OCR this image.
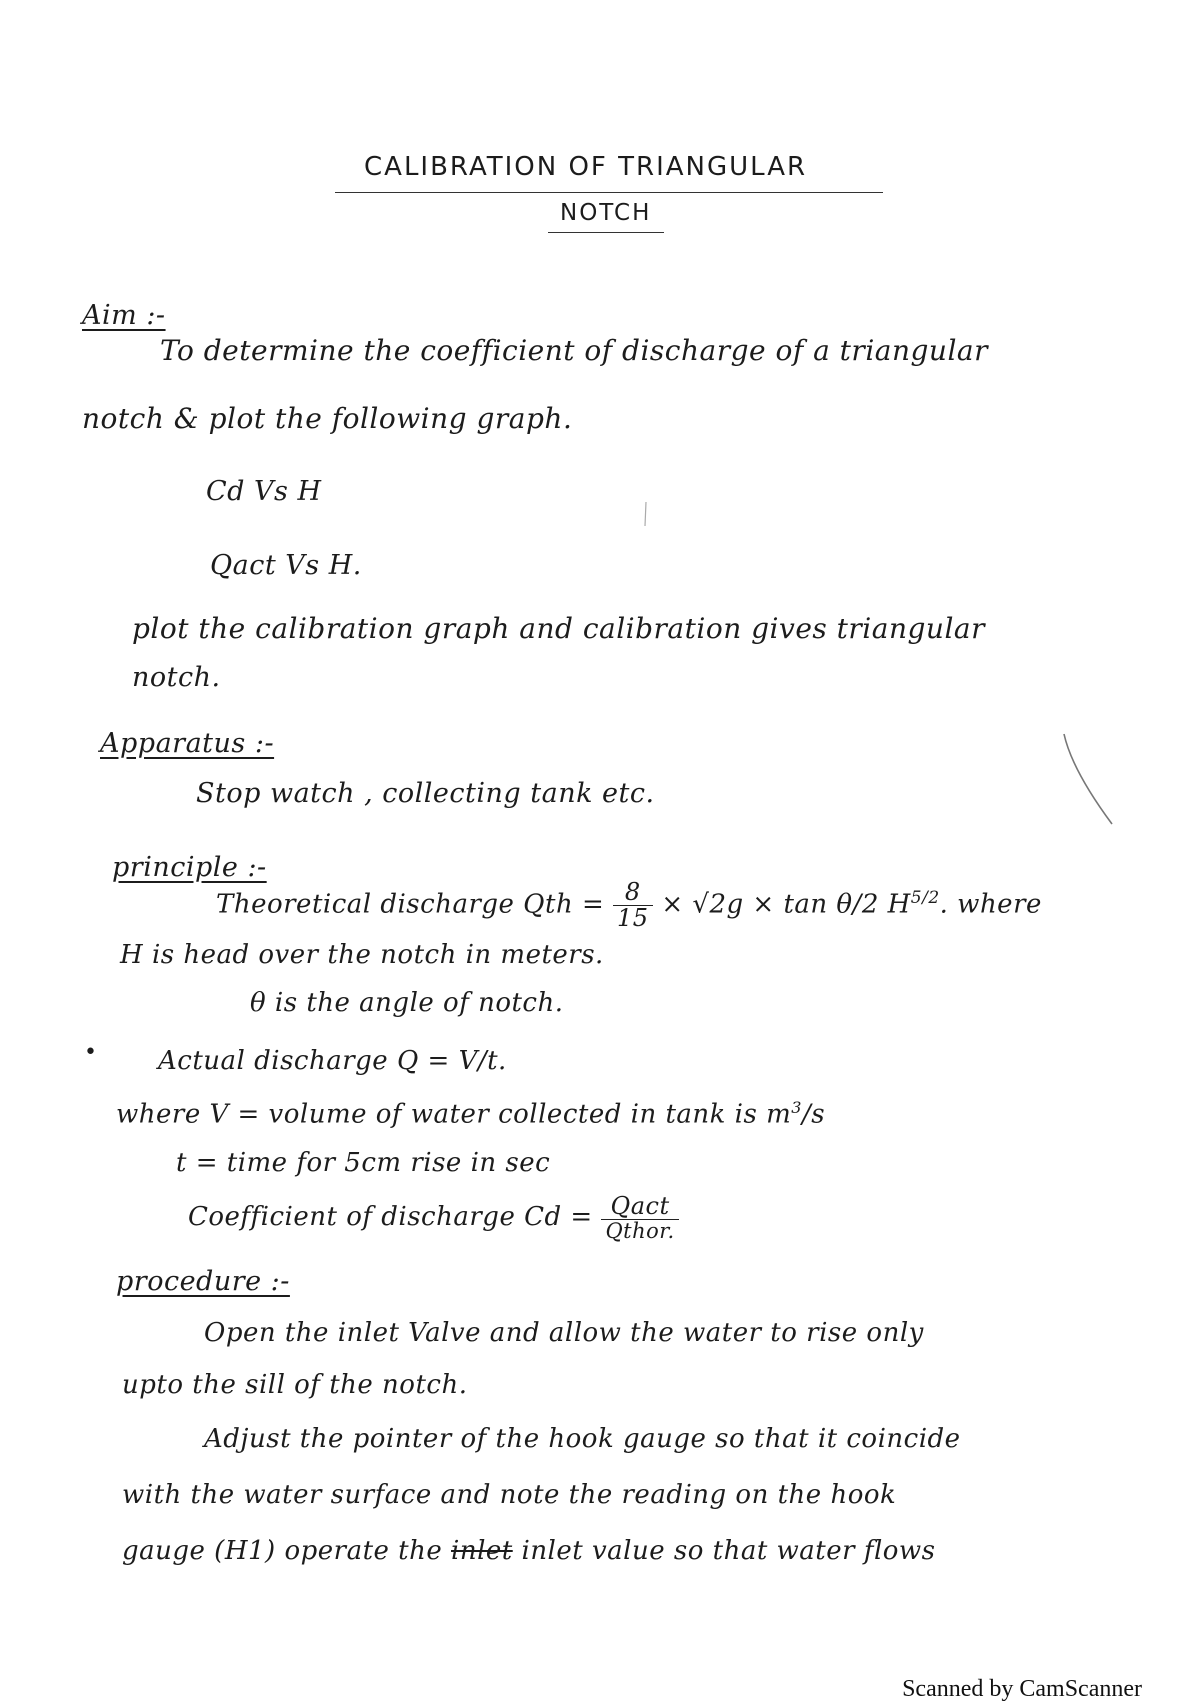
CALIBRATION OF TRIANGULAR
NOTCH
Aim :-
To determine the coefficient of discharge of a triangular
notch & plot the following graph.
Cd Vs H
Qact Vs H.
plot the calibration graph and calibration gives triangular
notch.
Apparatus :-
Stop watch , collecting tank etc.
principle :-
Theoretical discharge Qth = $\frac{8}{15} \times √2g \times \tan \theta/2$ $H^{5/2}$. where
H is head over the notch in meters.
θ is the angle of notch.
• Actual discharge Q = V/t.
where V = volume of water collected in tank is $m^3/s$
t = time for 5cm rise in sec
Coefficient of discharge $Cd = \frac{\text{Qact}}{\text{Qthor.}}$
procedure :-
Open the inlet Valve and allow the water to rise only
upto the sill of the notch.
Adjust the pointer of the hook gauge so that it coincide
with the water surface and note the reading on the hook
gauge (H1) operate the inlet inlet value so that water flows
Scanned by CamScanner
